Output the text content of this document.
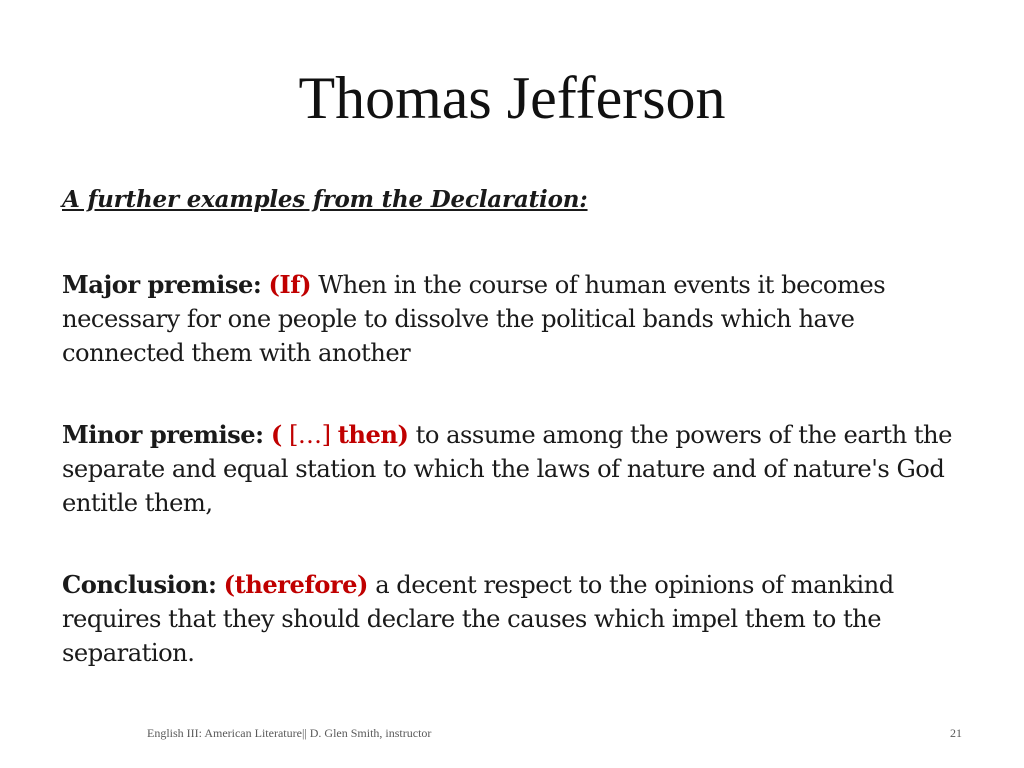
Thomas Jefferson
A further examples from the Declaration:
Major premise: (If) When in the course of human events it becomes necessary for one people to dissolve the political bands which have connected them with another
Minor premise: ( […] then) to assume among the powers of the earth the separate and equal station to which the laws of nature and of nature's God entitle them,
Conclusion: (therefore) a decent respect to the opinions of mankind requires that they should declare the causes which impel them to the separation.
English III: American Literature|| D. Glen Smith, instructor	21
